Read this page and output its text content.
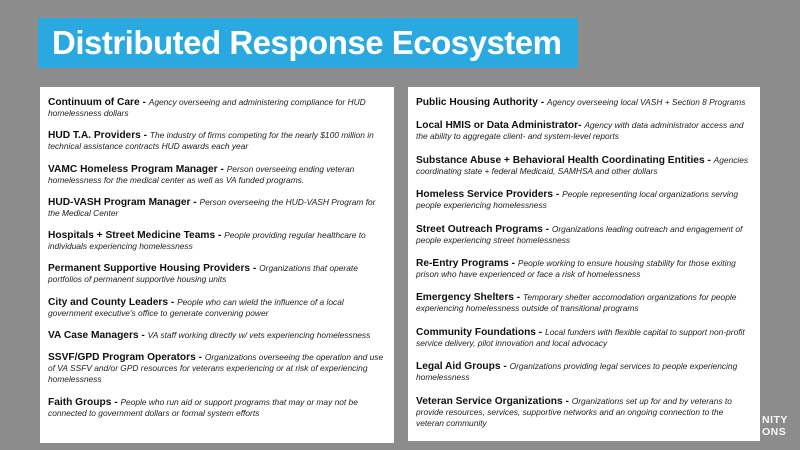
Distributed Response Ecosystem

Continuum of Care - Agency overseeing and administering compliance for HUD homelessness dollars

HUD T.A. Providers - The industry of firms competing for the nearly $100 million in technical assistance contracts HUD awards each year

VAMC Homeless Program Manager - Person overseeing ending veteran homelessness for the medical center as well as VA funded programs.

HUD-VASH Program Manager - Person overseeing the HUD-VASH Program for the Medical Center

Hospitals + Street Medicine Teams - People providing regular healthcare to individuals experiencing homelessness

Permanent Supportive Housing Providers - Organizations that operate portfolios of permanent supportive housing units

City and County Leaders - People who can wield the influence of a local government executive's office to generate convening power

VA Case Managers - VA staff working directly w/ vets experiencing homelessness

SSVF/GPD Program Operators - Organizations overseeing the operation and use of VA SSFV and/or GPD resources for veterans experiencing or at risk of experiencing homelessness

Faith Groups - People who run aid or support programs that may or may not be connected to government dollars or formal system efforts

Public Housing Authority - Agency overseeing local VASH + Section 8 Programs

Local HMIS or Data Administrator- Agency with data administrator access and the ability to aggregate client- and system-level reports

Substance Abuse + Behavioral Health Coordinating Entities - Agencies coordinating state + federal Medicaid, SAMHSA and other dollars

Homeless Service Providers - People representing local organizations serving people experiencing homelessness

Street Outreach Programs - Organizations leading outreach and engagement of people experiencing street homelessness

Re-Entry Programs - People working to ensure housing stability for those exiting prison who have experienced or face a risk of homelessness

Emergency Shelters - Temporary shelter accomodation organizations for people experiencing homelessness outside of transitional programs

Community Foundations - Local funders with flexible capital to support non-profit service delivery, pilot innovation and local advocacy

Legal Aid Groups - Organizations providing legal services to people experiencing homelessness

Veteran Service Organizations - Organizations set up for and by veterans to provide resources, services, supportive networks and an ongoing connection to the veteran community	NITY
ONS
